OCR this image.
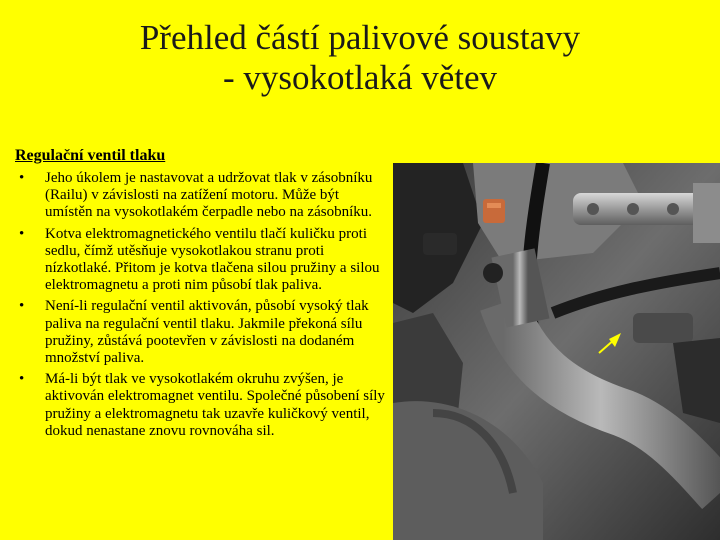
Přehled částí palivové soustavy
- vysokotlaká větev
Regulační ventil tlaku
• Jeho úkolem je nastavovat a udržovat tlak v zásobníku (Railu) v závislosti na zatížení motoru. Může být umístěn na vysokotlakém čerpadle nebo na zásobníku.
• Kotva elektromagnetického ventilu tlačí kuličku proti sedlu, čímž utěsňuje vysokotlakou stranu proti nízkotlaké. Přitom je kotva tlačena silou pružiny a silou elektromagnetu a proti nim působí tlak paliva.
• Není-li regulační ventil aktivován, působí vysoký tlak paliva na regulační ventil tlaku. Jakmile překoná sílu pružiny, zůstává pootevřen v závislosti na dodaném množství paliva.
• Má-li být tlak ve vysokotlakém okruhu zvýšen, je aktivován elektromagnet ventilu. Společné působení síly pružiny a elektromagnetu tak uzavře kuličkový ventil, dokud nenastane znovu rovnováha sil.
